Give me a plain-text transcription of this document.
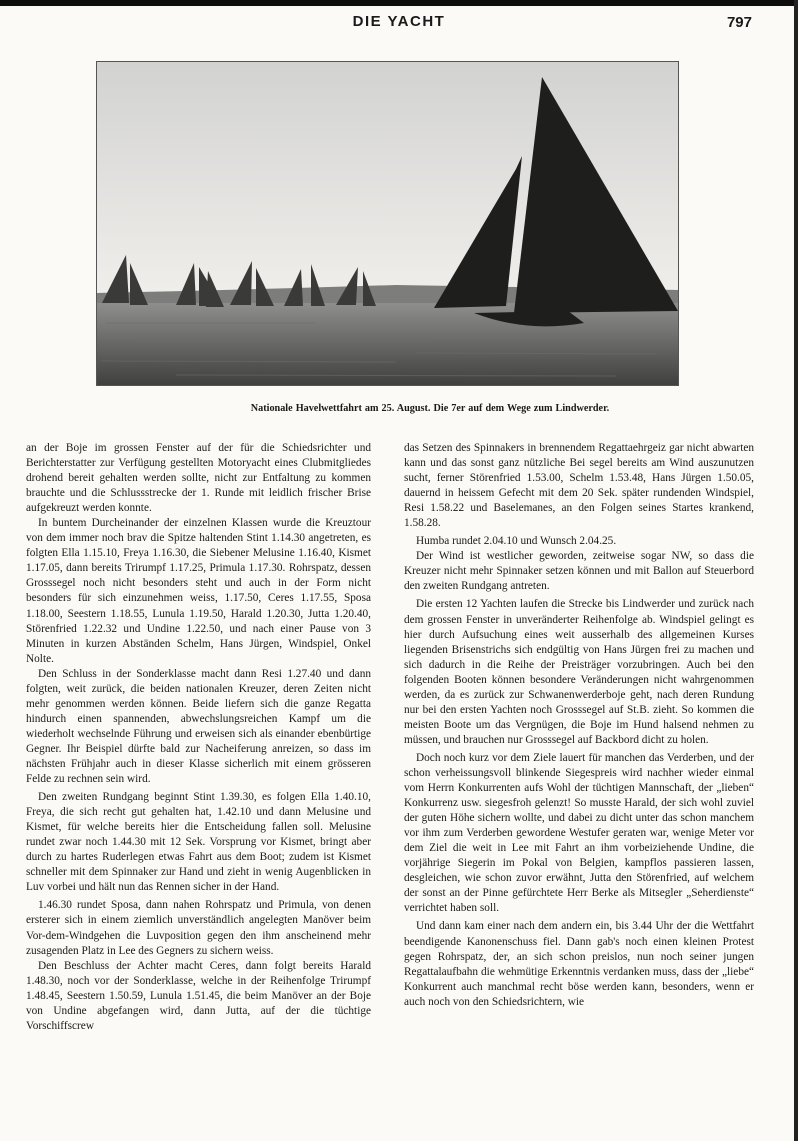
DIE YACHT	797
Nationale Havelwettfahrt am 25. August. Die 7er auf dem Wege zum Lindwerder.

an der Boje im grossen Fenster auf der für die Schiedsrichter und Berichterstatter zur Verfügung gestellten Motoryacht eines Clubmitgliedes drohend bereit gehalten werden sollte, nicht zur Entfaltung zu kommen brauchte und die Schlussstrecke der 1. Runde mit leidlich frischer Brise aufgekreuzt werden konnte.

In buntem Durcheinander der einzelnen Klassen wurde die Kreuztour von dem immer noch brav die Spitze haltenden Stint 1.14.30 angetreten, es folgten Ella 1.15.10, Freya 1.16.30, die Siebener Melusine 1.16.40, Kismet 1.17.05, dann bereits Trirumpf 1.17.25, Primula 1.17.30. Rohrspatz, dessen Grosssegel noch nicht besonders steht und auch in der Form nicht besonders für sich einzunehmen weiss, 1.17.50, Ceres 1.17.55, Sposa 1.18.00, Seestern 1.18.55, Lunula 1.19.50, Harald 1.20.30, Jutta 1.20.40, Störenfried 1.22.32 und Undine 1.22.50, und nach einer Pause von 3 Minuten in kurzen Abständen Schelm, Hans Jürgen, Windspiel, Onkel Nolte.

Den Schluss in der Sonderklasse macht dann Resi 1.27.40 und dann folgten, weit zurück, die beiden nationalen Kreuzer, deren Zeiten nicht mehr genommen werden können. Beide liefern sich die ganze Regatta hindurch einen spannenden, abwechslungsreichen Kampf um die wiederholt wechselnde Führung und erweisen sich als einander ebenbürtige Gegner. Ihr Beispiel dürfte bald zur Nacheiferung anreizen, so dass im nächsten Frühjahr auch in dieser Klasse sicherlich mit einem grösseren Felde zu rechnen sein wird.

Den zweiten Rundgang beginnt Stint 1.39.30, es folgen Ella 1.40.10, Freya, die sich recht gut gehalten hat, 1.42.10 und dann Melusine und Kismet, für welche bereits hier die Entscheidung fallen soll. Melusine rundet zwar noch 1.44.30 mit 12 Sek. Vorsprung vor Kismet, bringt aber durch zu hartes Ruderlegen etwas Fahrt aus dem Boot; zudem ist Kismet schneller mit dem Spinnaker zur Hand und zieht in wenig Augenblicken in Luv vorbei und hält nun das Rennen sicher in der Hand.

1.46.30 rundet Sposa, dann nahen Rohrspatz und Primula, von denen ersterer sich in einem ziemlich unverständlich angelegten Manöver beim Vor-dem-Windgehen die Luvposition gegen den ihm anscheinend mehr zusagenden Platz in Lee des Gegners zu sichern weiss.

Den Beschluss der Achter macht Ceres, dann folgt bereits Harald 1.48.30, noch vor der Sonderklasse, welche in der Reihenfolge Trirumpf 1.48.45, Seestern 1.50.59, Lunula 1.51.45, die beim Manöver an der Boje von Undine abgefangen wird, dann Jutta, auf der die tüchtige Vorschiffscrew

das Setzen des Spinnakers in brennendem Regattaehrgeiz gar nicht abwarten kann und das sonst ganz nützliche Bei segel bereits am Wind auszunutzen sucht, ferner Störenfried 1.53.00, Schelm 1.53.48, Hans Jürgen 1.50.05, dauernd in heissem Gefecht mit dem 20 Sek. später rundenden Windspiel, Resi 1.58.22 und Baselemanes, an den Folgen seines Startes krankend, 1.58.28.

Humba rundet 2.04.10 und Wunsch 2.04.25.

Der Wind ist westlicher geworden, zeitweise sogar NW, so dass die Kreuzer nicht mehr Spinnaker setzen können und mit Ballon auf Steuerbord den zweiten Rundgang antreten.

Die ersten 12 Yachten laufen die Strecke bis Lindwerder und zurück nach dem grossen Fenster in unveränderter Reihenfolge ab. Windspiel gelingt es hier durch Aufsuchung eines weit ausserhalb des allgemeinen Kurses liegenden Brisenstrichs sich endgültig von Hans Jürgen frei zu machen und sich dadurch in die Reihe der Preisträger vorzubringen. Auch bei den folgenden Booten können besondere Veränderungen nicht wahrgenommen werden, da es zurück zur Schwanenwerderboje geht, nach deren Rundung nur bei den ersten Yachten noch Grosssegel auf St.B. zieht. So kommen die meisten Boote um das Vergnügen, die Boje im Hund halsend nehmen zu müssen, und brauchen nur Grosssegel auf Backbord dicht zu holen.

Doch noch kurz vor dem Ziele lauert für manchen das Verderben, und der schon verheissungsvoll blinkende Siegespreis wird nachher wieder einmal vom Herrn Konkurrenten aufs Wohl der tüchtigen Mannschaft, der „lieben“ Konkurrenz usw. siegesfroh gelenzt! So musste Harald, der sich wohl zuviel der guten Höhe sichern wollte, und dabei zu dicht unter das schon manchem vor ihm zum Verderben gewordene Westufer geraten war, wenige Meter vor dem Ziel die weit in Lee mit Fahrt an ihm vorbeiziehende Undine, die vorjährige Siegerin im Pokal von Belgien, kampflos passieren lassen, desgleichen, wie schon zuvor erwähnt, Jutta den Störenfried, auf welchem der sonst an der Pinne gefürchtete Herr Berke als Mitsegler „Seherdienste“ verrichtet haben soll.

Und dann kam einer nach dem andern ein, bis 3.44 Uhr der die Wettfahrt beendigende Kanonenschuss fiel. Dann gab's noch einen kleinen Protest gegen Rohrspatz, der, an sich schon preislos, nun noch seiner jungen Regattalaufbahn die wehmütige Erkenntnis verdanken muss, dass der „liebe“ Konkurrent auch manchmal recht böse werden kann, besonders, wenn er auch noch von den Schiedsrichtern, wie
